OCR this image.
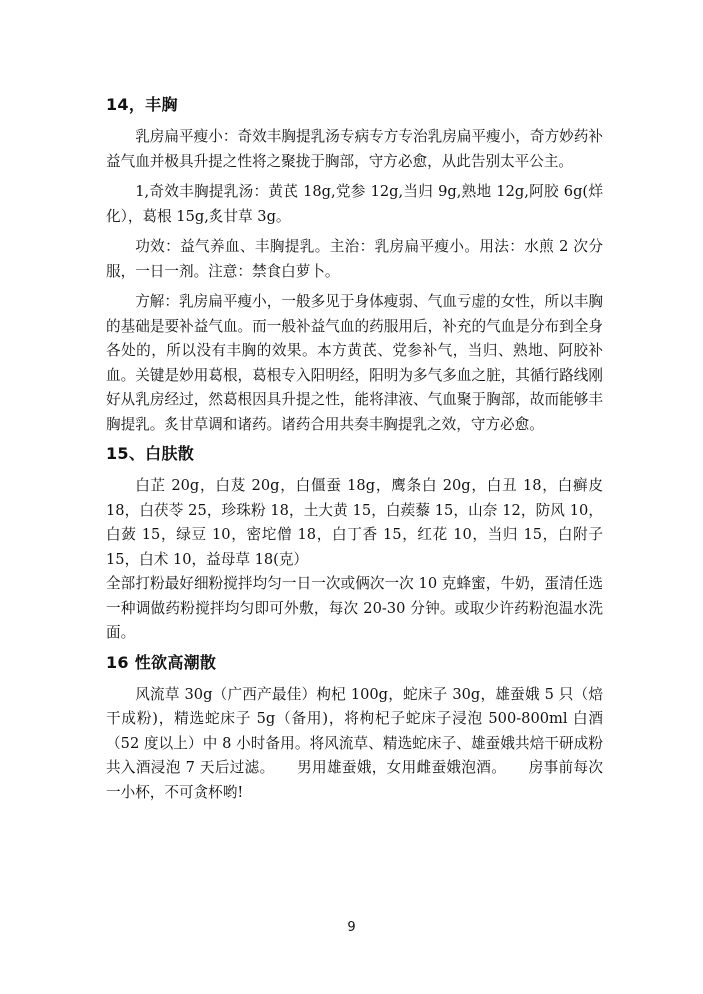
14，丰胸

乳房扁平瘦小：奇效丰胸提乳汤专病专方专治乳房扁平瘦小，奇方妙药补益气血并极具升提之性将之聚拢于胸部，守方必愈，从此告别太平公主。

1,奇效丰胸提乳汤：黄芪 18g,党参 12g,当归 9g,熟地 12g,阿胶 6g(烊化），葛根 15g,炙甘草 3g。

功效：益气养血、丰胸提乳。主治：乳房扁平瘦小。用法：水煎 2 次分服，一日一剂。注意：禁食白萝卜。

方解：乳房扁平瘦小，一般多见于身体瘦弱、气血亏虚的女性，所以丰胸的基础是要补益气血。而一般补益气血的药服用后，补充的气血是分布到全身各处的，所以没有丰胸的效果。本方黄芪、党参补气，当归、熟地、阿胶补血。关键是妙用葛根，葛根专入阳明经，阳明为多气多血之脏，其循行路线刚好从乳房经过，然葛根因具升提之性，能将津液、气血聚于胸部，故而能够丰胸提乳。炙甘草调和诸药。诸药合用共奏丰胸提乳之效，守方必愈。

15、白肤散

白芷 20g，白芨 20g，白僵蚕 18g，鹰条白 20g，白丑 18，白癣皮 18，白茯苓 25，珍珠粉 18，土大黄 15，白蒺藜 15，山奈 12，防风 10，白蔹 15，绿豆 10，密坨僧 18，白丁香 15，红花 10，当归 15，白附子 15，白术 10，益母草 18(克）

全部打粉最好细粉搅拌均匀一日一次或俩次一次 10 克蜂蜜，牛奶，蛋清任选一种调做药粉搅拌均匀即可外敷，每次 20-30 分钟。或取少许药粉泡温水洗面。

16 性欲高潮散

风流草 30g（广西产最佳）枸杞 100g，蛇床子 30g，雄蚕娥 5 只（焙干成粉)，精选蛇床子 5g（备用)，将枸杞子蛇床子浸泡 500-800ml 白酒（52 度以上）中 8 小时备用。将风流草、精选蛇床子、雄蚕娥共焙干研成粉共入酒浸泡 7 天后过滤。　　男用雄蚕娥，女用雌蚕娥泡酒。　　房事前每次一小杯，不可贪杯哟!

9
